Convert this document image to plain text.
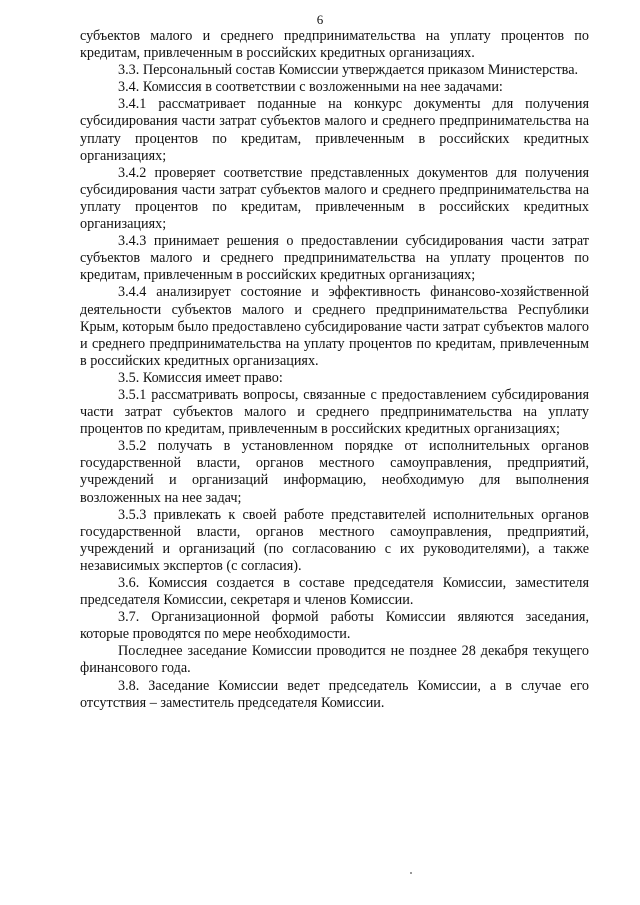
6

субъектов малого и среднего предпринимательства на уплату процентов по кредитам, привлеченным в российских кредитных организациях.

3.3. Персональный состав Комиссии утверждается приказом Министерства.

3.4. Комиссия в соответствии с возложенными на нее задачами:

3.4.1 рассматривает поданные на конкурс документы для получения субсидирования части затрат субъектов малого и среднего предпринимательства на уплату процентов по кредитам, привлеченным в российских кредитных организациях;

3.4.2 проверяет соответствие представленных документов для получения субсидирования части затрат субъектов малого и среднего предпринимательства на уплату процентов по кредитам, привлеченным в российских кредитных организациях;

3.4.3 принимает решения о предоставлении субсидирования части затрат субъектов малого и среднего предпринимательства на уплату процентов по кредитам, привлеченным в российских кредитных организациях;

3.4.4 анализирует состояние и эффективность финансово-хозяйственной деятельности субъектов малого и среднего предпринимательства Республики Крым, которым было предоставлено субсидирование части затрат субъектов малого и среднего предпринимательства на уплату процентов по кредитам, привлеченным в российских кредитных организациях.

3.5. Комиссия имеет право:

3.5.1 рассматривать вопросы, связанные с предоставлением субсидирования части затрат субъектов малого и среднего предпринимательства на уплату процентов по кредитам, привлеченным в российских кредитных организациях;

3.5.2 получать в установленном порядке от исполнительных органов государственной власти, органов местного самоуправления, предприятий, учреждений и организаций информацию, необходимую для выполнения возложенных на нее задач;

3.5.3 привлекать к своей работе представителей исполнительных органов государственной власти, органов местного самоуправления, предприятий, учреждений и организаций (по согласованию с их руководителями), а также независимых экспертов (с согласия).

3.6. Комиссия создается в составе председателя Комиссии, заместителя председателя Комиссии, секретаря и членов Комиссии.

3.7. Организационной формой работы Комиссии являются заседания, которые проводятся по мере необходимости.

Последнее заседание Комиссии проводится не позднее 28 декабря текущего финансового года.

3.8. Заседание Комиссии ведет председатель Комиссии, а в случае его отсутствия – заместитель председателя Комиссии.
